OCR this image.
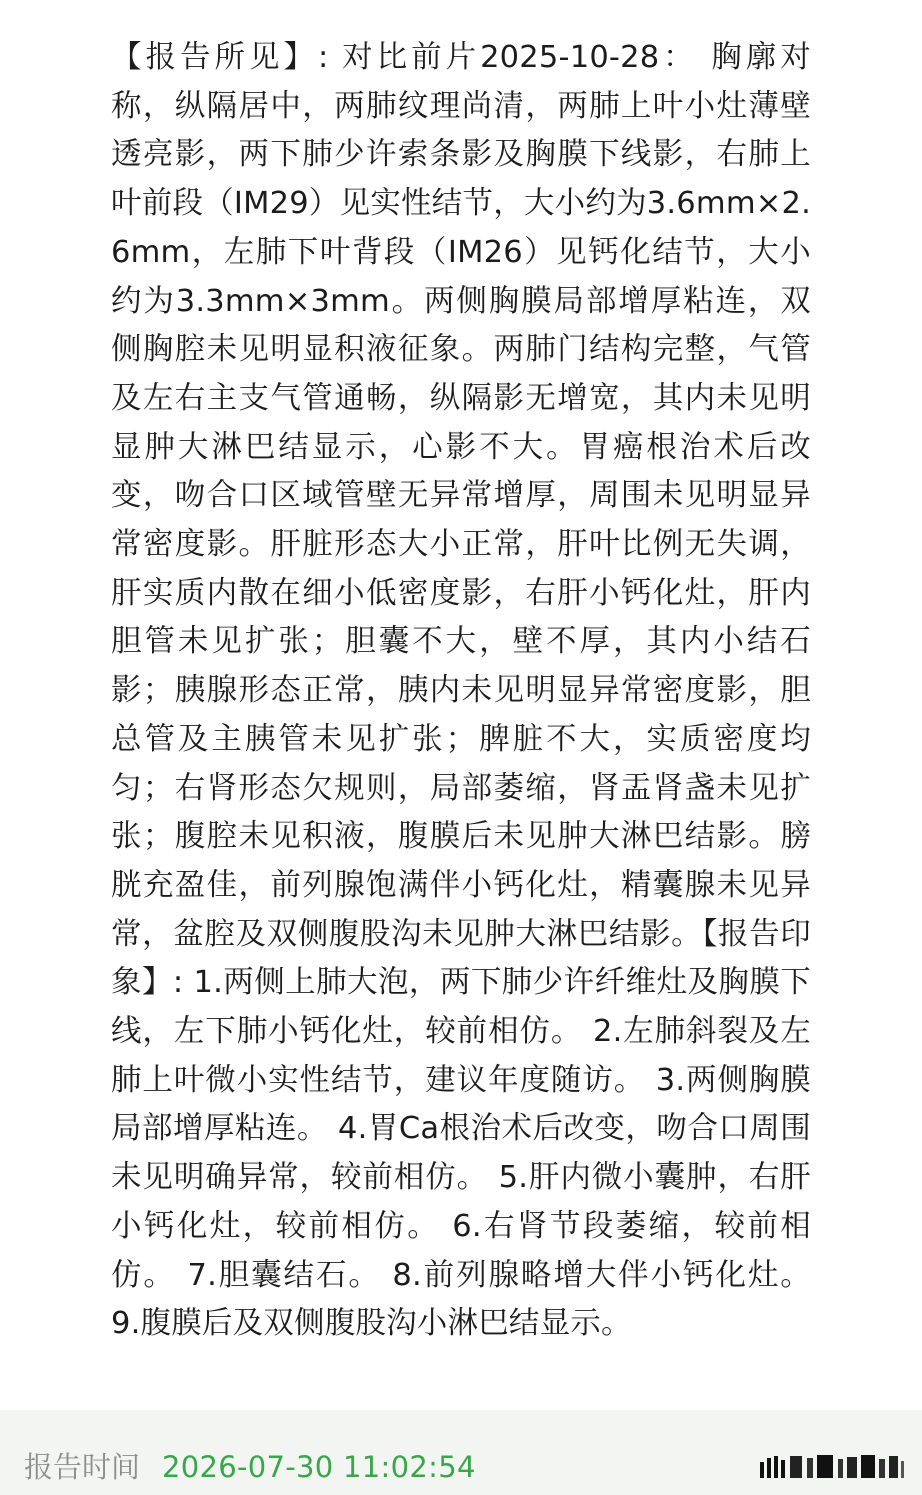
【报告所见】: 对比前片2025-10-28： 胸廓对称，纵隔居中，两肺纹理尚清，两肺上叶小灶薄壁透亮影，两下肺少许索条影及胸膜下线影，右肺上叶前段（IM29）见实性结节，大小约为3.6mm×2.6mm，左肺下叶背段（IM26）见钙化结节，大小约为3.3mm×3mm。两侧胸膜局部增厚粘连，双侧胸腔未见明显积液征象。两肺门结构完整，气管及左右主支气管通畅，纵隔影无增宽，其内未见明显肿大淋巴结显示，心影不大。胃癌根治术后改变，吻合口区域管壁无异常增厚，周围未见明显异常密度影。肝脏形态大小正常，肝叶比例无失调，肝实质内散在细小低密度影，右肝小钙化灶，肝内胆管未见扩张；胆囊不大，壁不厚，其内小结石影；胰腺形态正常，胰内未见明显异常密度影，胆总管及主胰管未见扩张；脾脏不大，实质密度均匀；右肾形态欠规则，局部萎缩，肾盂肾盏未见扩张；腹腔未见积液，腹膜后未见肿大淋巴结影。膀胱充盈佳，前列腺饱满伴小钙化灶，精囊腺未见异常，盆腔及双侧腹股沟未见肿大淋巴结影。【报告印象】: 1.两侧上肺大泡，两下肺少许纤维灶及胸膜下线，左下肺小钙化灶，较前相仿。 2.左肺斜裂及左肺上叶微小实性结节，建议年度随访。 3.两侧胸膜局部增厚粘连。 4.胃Ca根治术后改变，吻合口周围未见明确异常，较前相仿。 5.肝内微小囊肿，右肝小钙化灶，较前相仿。 6.右肾节段萎缩，较前相仿。 7.胆囊结石。 8.前列腺略增大伴小钙化灶。 9.腹膜后及双侧腹股沟小淋巴结显示。

报告时间 2026-07-30 11:02:54
